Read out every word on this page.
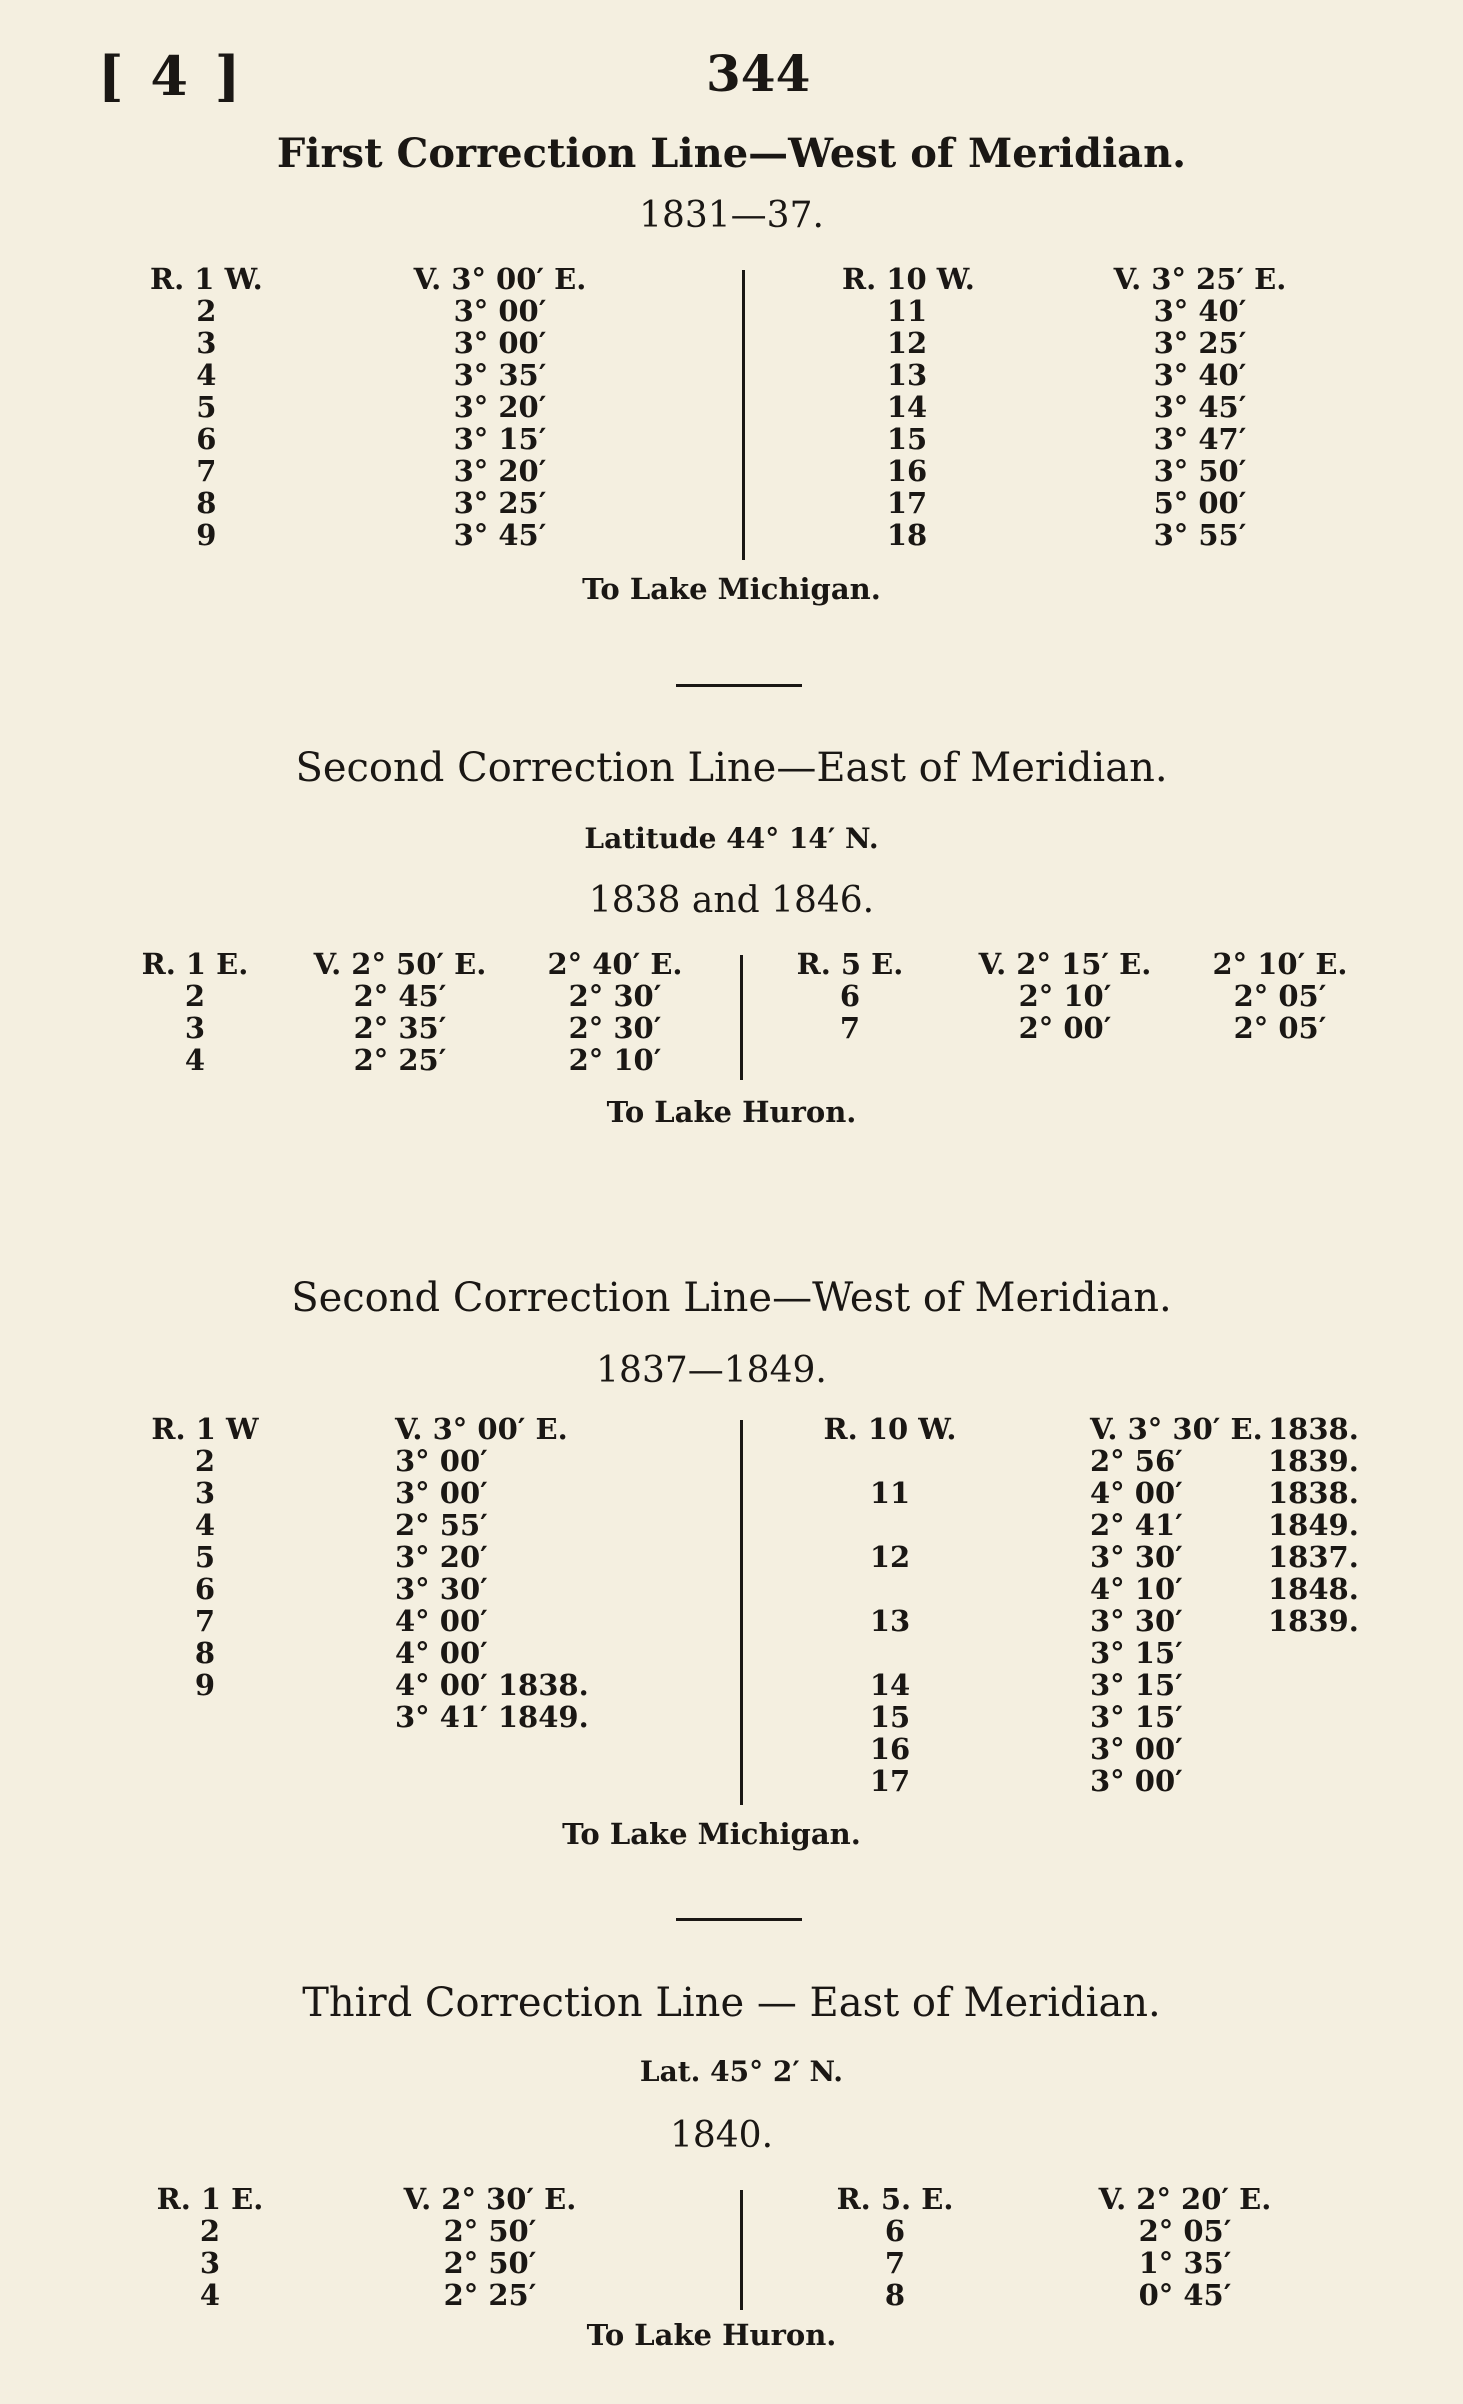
[ 4 ]	344
First Correction Line—West of Meridian.
1831—37.
R. 1 W.
2
3
4
5
6
7
8
9
V. 3° 00′ E.
3° 00′
3° 00′
3° 35′
3° 20′
3° 15′
3° 20′
3° 25′
3° 45′
R. 10 W.
11
12
13
14
15
16
17
18
V. 3° 25′ E.
3° 40′
3° 25′
3° 40′
3° 45′
3° 47′
3° 50′
5° 00′
3° 55′
To Lake Michigan.
Second Correction Line—East of Meridian.
Latitude 44° 14′ N.
1838 and 1846.
R. 1 E.
2
3
4
V. 2° 50′ E.
2° 45′
2° 35′
2° 25′
2° 40′ E.
2° 30′
2° 30′
2° 10′
R. 5 E.
6
7
V. 2° 15′ E.
2° 10′
2° 00′
2° 10′ E.
2° 05′
2° 05′
To Lake Huron.
Second Correction Line—West of Meridian.
1837—1849.
R. 1 W
2
3
4
5
6
7
8
9
V. 3° 00′ E.
3° 00′
3° 00′
2° 55′
3° 20′
3° 30′
4° 00′
4° 00′
4° 00′ 1838.
3° 41′ 1849.
R. 10 W.
11
12
13
14
15
16
17
V. 3° 30′ E.
2° 56′
4° 00′
2° 41′
3° 30′
4° 10′
3° 30′
3° 15′
3° 15′
3° 15′
3° 00′
3° 00′
1838.
1839.
1838.
1849.
1837.
1848.
1839.
To Lake Michigan.
Third Correction Line — East of Meridian.
Lat. 45° 2′ N.
1840.
R. 1 E.
2
3
4
V. 2° 30′ E.
2° 50′
2° 50′
2° 25′
R. 5. E.
6
7
8
V. 2° 20′ E.
2° 05′
1° 35′
0° 45′
To Lake Huron.
